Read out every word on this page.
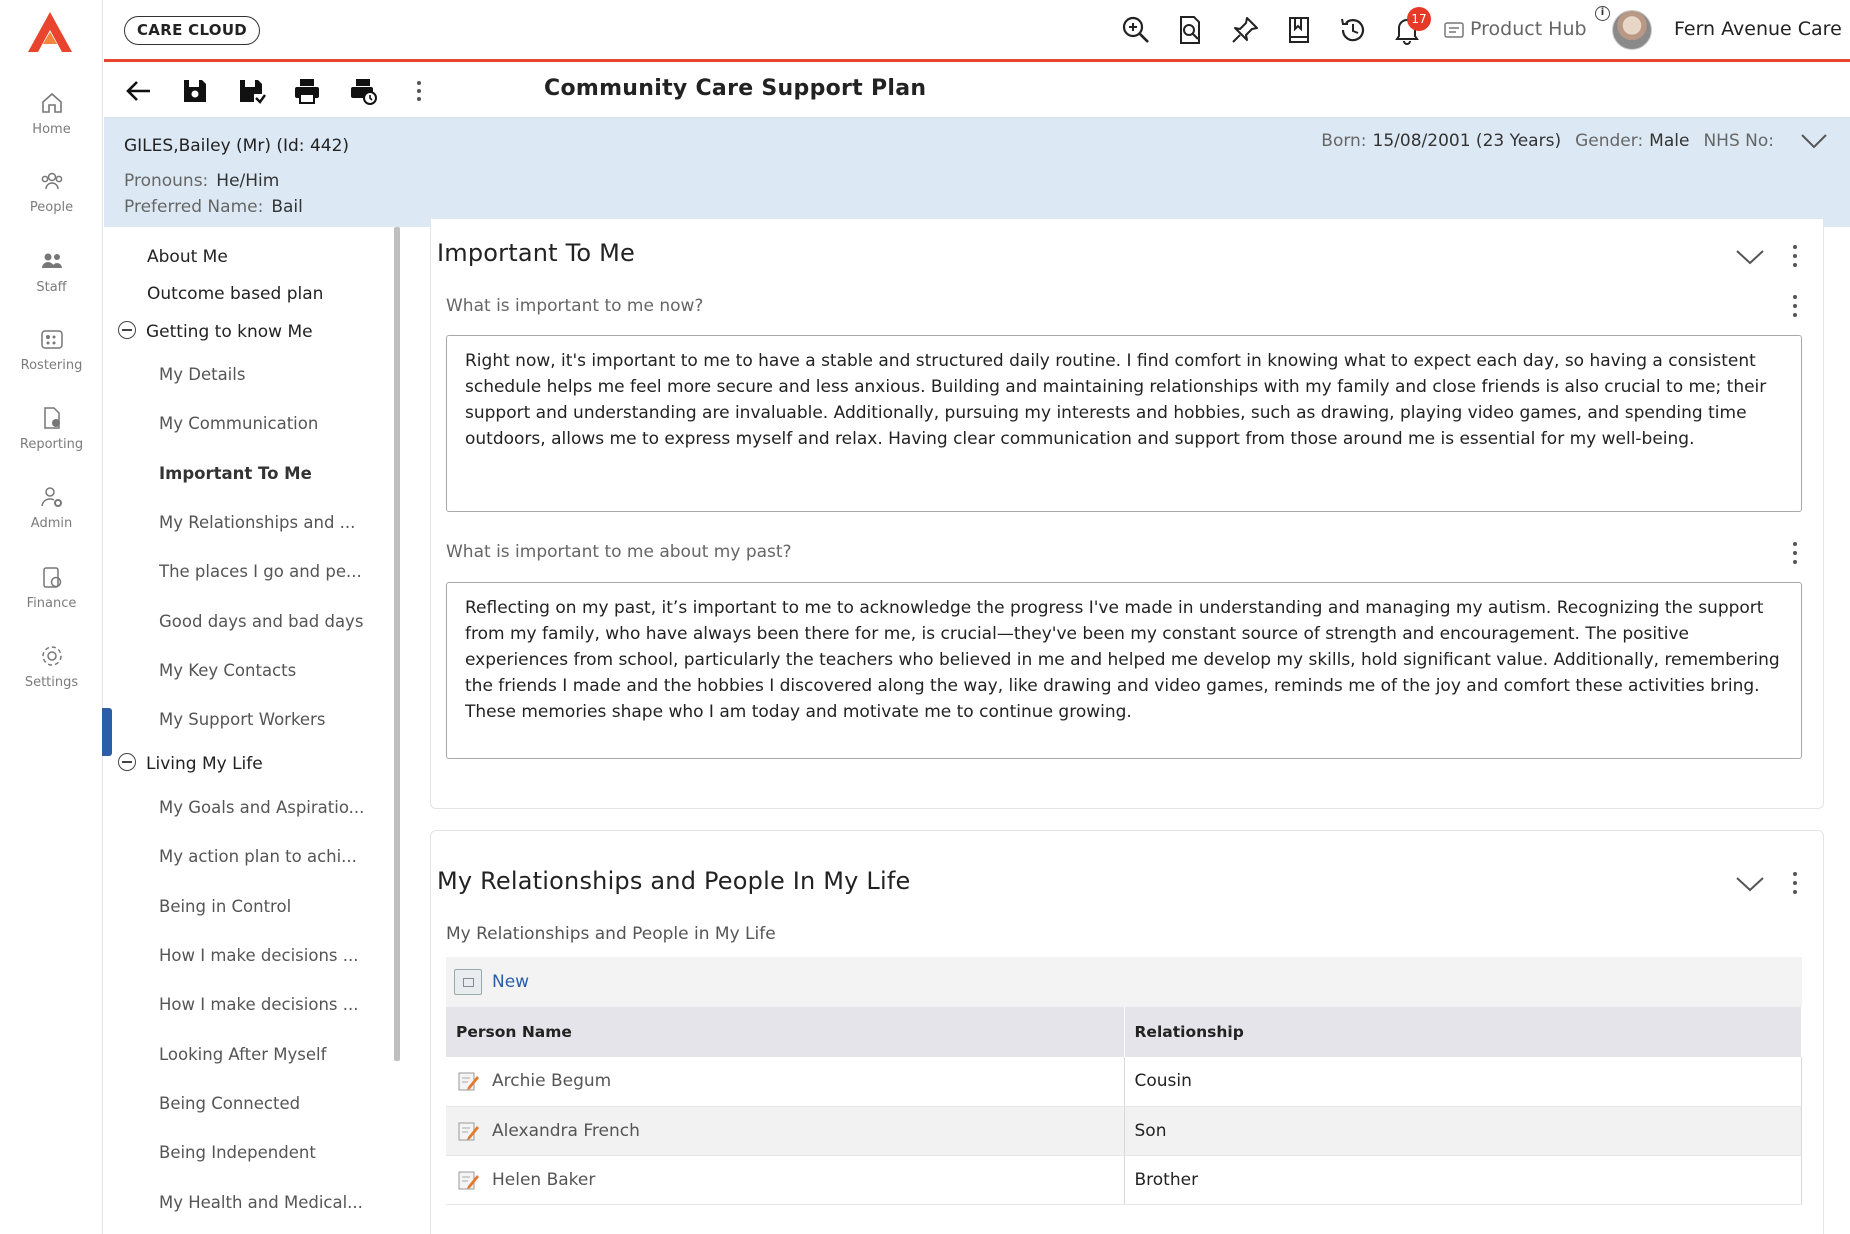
Home
People
Staff
Rostering
Reporting
Admin
Finance
Settings
CARE CLOUD
17	Product Hub
i
Fern Avenue Care
Community Care Support Plan
GILES,Bailey (Mr) (Id: 442)
Pronouns: He/Him
Preferred Name: Bail
Born: 15/08/2001 (23 Years) Gender: Male NHS No:
About Me
Outcome based plan
Getting to know Me
My Details
My Communication
Important To Me
My Relationships and ...
The places I go and pe...
Good days and bad days
My Key Contacts
My Support Workers
Living My Life
My Goals and Aspiratio...
My action plan to achi...
Being in Control
How I make decisions ...
How I make decisions ...
Looking After Myself
Being Connected
Being Independent
My Health and Medical...
Important To Me
What is important to me now?
Right now, it's important to me to have a stable and structured daily routine. I find comfort in knowing what to expect each day, so having a consistent schedule helps me feel more secure and less anxious. Building and maintaining relationships with my family and close friends is also crucial to me; their support and understanding are invaluable. Additionally, pursuing my interests and hobbies, such as drawing, playing video games, and spending time outdoors, allows me to express myself and relax. Having clear communication and support from those around me is essential for my well-being.
What is important to me about my past?
Reflecting on my past, it’s important to me to acknowledge the progress I've made in understanding and managing my autism. Recognizing the support from my family, who have always been there for me, is crucial—they've been my constant source of strength and encouragement. The positive experiences from school, particularly the teachers who believed in me and helped me develop my skills, hold significant value. Additionally, remembering the friends I made and the hobbies I discovered along the way, like drawing and video games, reminds me of the joy and comfort these activities bring. These memories shape who I am today and motivate me to continue growing.
My Relationships and People In My Life
My Relationships and People in My Life
New
Person Name	Relationship
Archie Begum	Cousin
Alexandra French	Son
Helen Baker	Brother
